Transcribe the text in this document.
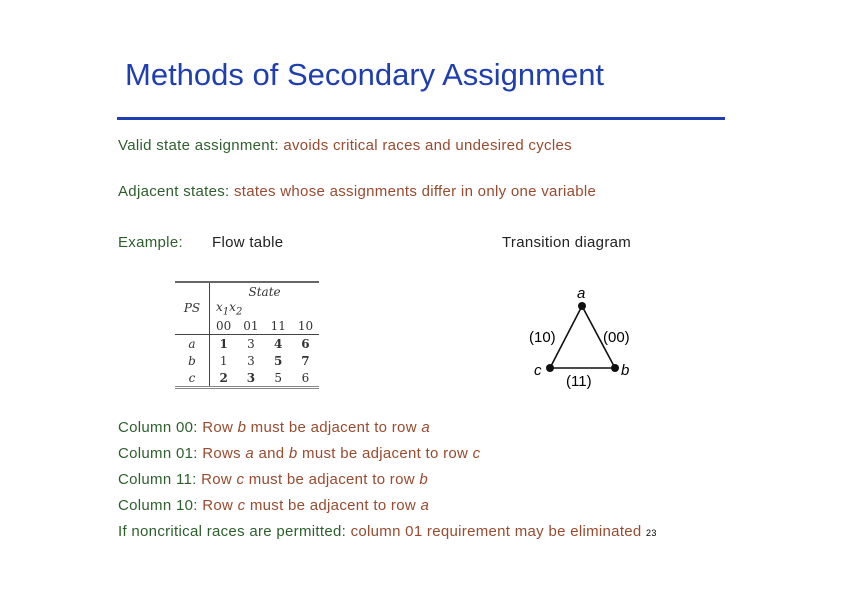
Methods of Secondary Assignment
Valid state assignment: avoids critical races and undesired cycles
Adjacent states: states whose assignments differ in only one variable
Example: Flow table	Transition diagram
PS	State			
	$x_1x_2$
	00	01	11	10
a	1	3	4	6
b	1	3	5	7
c	2	3	5	6
a
c	b
(10)	(00)
(11)
Column 00: Row b must be adjacent to row a
Column 01: Rows a and b must be adjacent to row c
Column 11: Row c must be adjacent to row b
Column 10: Row c must be adjacent to row a
If noncritical races are permitted: column 01 requirement may be eliminated 23
